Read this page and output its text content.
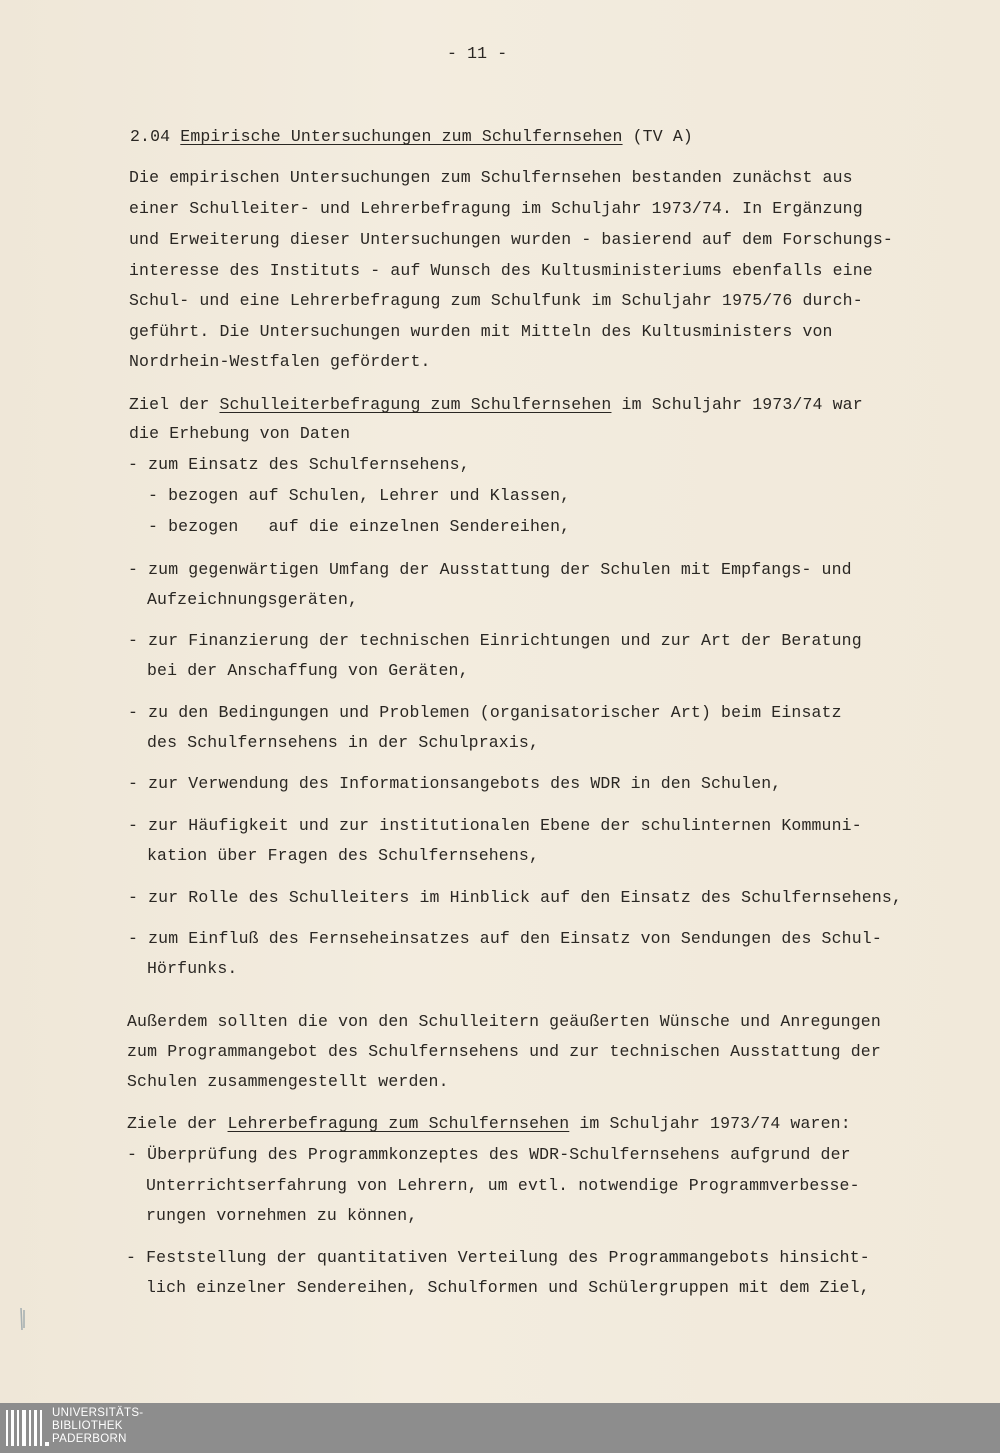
- 11 -
2.04 Empirische Untersuchungen zum Schulfernsehen (TV A)
Die empirischen Untersuchungen zum Schulfernsehen bestanden zunächst aus
einer Schulleiter- und Lehrerbefragung im Schuljahr 1973/74. In Ergänzung
und Erweiterung dieser Untersuchungen wurden - basierend auf dem Forschungs-
interesse des Instituts - auf Wunsch des Kultusministeriums ebenfalls eine
Schul- und eine Lehrerbefragung zum Schulfunk im Schuljahr 1975/76 durch-
geführt. Die Untersuchungen wurden mit Mitteln des Kultusministers von
Nordrhein-Westfalen gefördert.
Ziel der Schulleiterbefragung zum Schulfernsehen im Schuljahr 1973/74 war
die Erhebung von Daten
- zum Einsatz des Schulfernsehens,
- bezogen auf Schulen, Lehrer und Klassen,
- bezogen   auf die einzelnen Sendereihen,
- zum gegenwärtigen Umfang der Ausstattung der Schulen mit Empfangs- und
Aufzeichnungsgeräten,
- zur Finanzierung der technischen Einrichtungen und zur Art der Beratung
bei der Anschaffung von Geräten,
- zu den Bedingungen und Problemen (organisatorischer Art) beim Einsatz
des Schulfernsehens in der Schulpraxis,
- zur Verwendung des Informationsangebots des WDR in den Schulen,
- zur Häufigkeit und zur institutionalen Ebene der schulinternen Kommuni-
kation über Fragen des Schulfernsehens,
- zur Rolle des Schulleiters im Hinblick auf den Einsatz des Schulfernsehens,
- zum Einfluß des Fernseheinsatzes auf den Einsatz von Sendungen des Schul-
Hörfunks.
Außerdem sollten die von den Schulleitern geäußerten Wünsche und Anregungen
zum Programmangebot des Schulfernsehens und zur technischen Ausstattung der
Schulen zusammengestellt werden.
Ziele der Lehrerbefragung zum Schulfernsehen im Schuljahr 1973/74 waren:
- Überprüfung des Programmkonzeptes des WDR-Schulfernsehens aufgrund der
Unterrichtserfahrung von Lehrern, um evtl. notwendige Programmverbesse-
rungen vornehmen zu können,
- Feststellung der quantitativen Verteilung des Programmangebots hinsicht-
lich einzelner Sendereihen, Schulformen und Schülergruppen mit dem Ziel,
UNIVERSITÄTS-
BIBLIOTHEK
PADERBORN
